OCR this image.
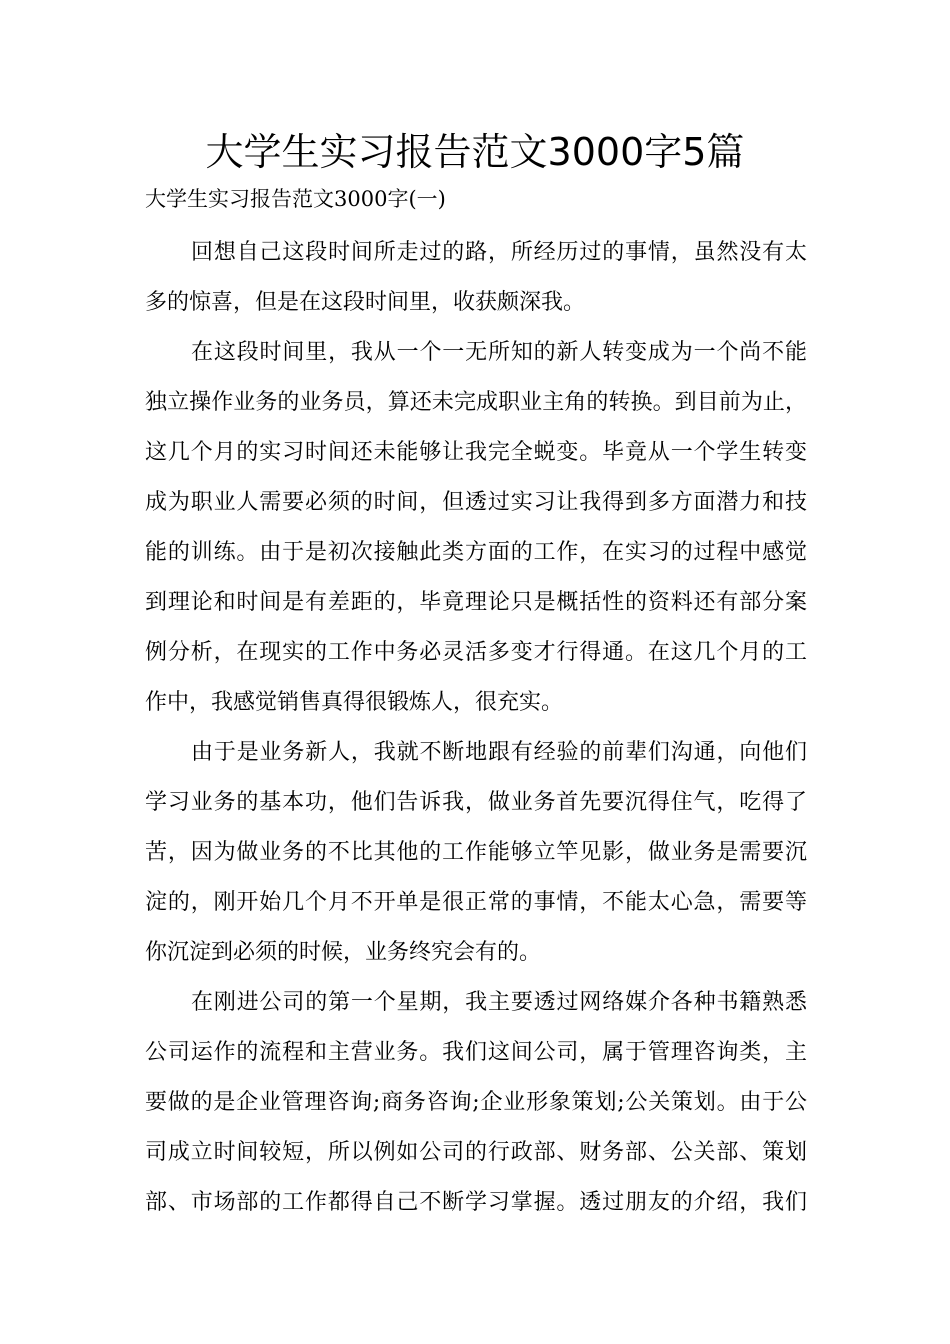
大学生实习报告范文3000字5篇

大学生实习报告范文3000字(一)

回想自己这段时间所走过的路，所经历过的事情，虽然没有太
多的惊喜，但是在这段时间里，收获颇深我。
在这段时间里，我从一个一无所知的新人转变成为一个尚不能
独立操作业务的业务员，算还未完成职业主角的转换。到目前为止，
这几个月的实习时间还未能够让我完全蜕变。毕竟从一个学生转变
成为职业人需要必须的时间，但透过实习让我得到多方面潜力和技
能的训练。由于是初次接触此类方面的工作，在实习的过程中感觉
到理论和时间是有差距的，毕竟理论只是概括性的资料还有部分案
例分析，在现实的工作中务必灵活多变才行得通。在这几个月的工
作中，我感觉销售真得很锻炼人，很充实。
由于是业务新人，我就不断地跟有经验的前辈们沟通，向他们
学习业务的基本功，他们告诉我，做业务首先要沉得住气，吃得了
苦，因为做业务的不比其他的工作能够立竿见影，做业务是需要沉
淀的，刚开始几个月不开单是很正常的事情，不能太心急，需要等
你沉淀到必须的时候，业务终究会有的。
在刚进公司的第一个星期，我主要透过网络媒介各种书籍熟悉
公司运作的流程和主营业务。我们这间公司，属于管理咨询类，主
要做的是企业管理咨询;商务咨询;企业形象策划;公关策划。由于公
司成立时间较短，所以例如公司的行政部、财务部、公关部、策划
部、市场部的工作都得自己不断学习掌握。透过朋友的介绍，我们
